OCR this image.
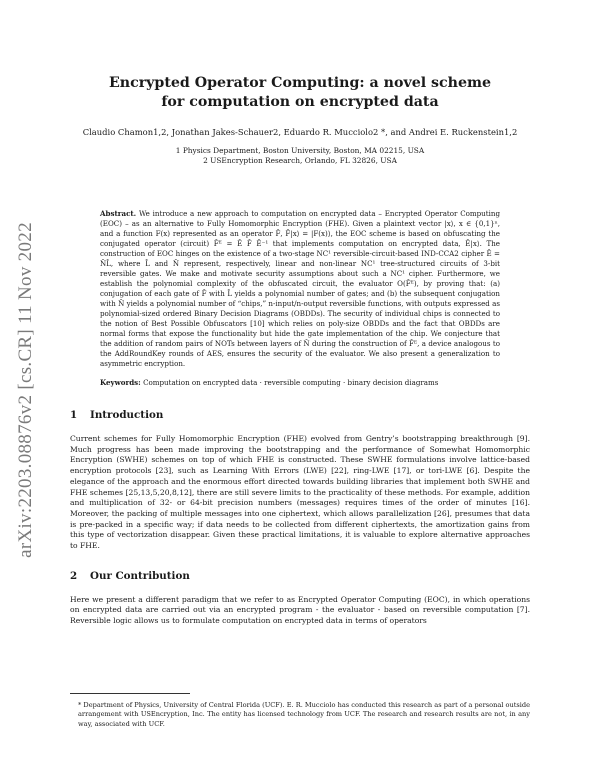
arXiv:2203.08876v2 [cs.CR] 11 Nov 2022
Encrypted Operator Computing: a novel scheme
for computation on encrypted data
Claudio Chamon1,2, Jonathan Jakes-Schauer2, Eduardo R. Mucciolo2 *, and Andrei E. Ruckenstein1,2
1 Physics Department, Boston University, Boston, MA 02215, USA
2 USEncryption Research, Orlando, FL 32826, USA
Abstract. We introduce a new approach to computation on encrypted data – Encrypted Operator Computing (EOC) – as an alternative to Fully Homomorphic Encryption (FHE). Given a plaintext vector |x⟩, x ∈ {0,1}ⁿ, and a function F(x) represented as an operator F̂, F̂|x⟩ = |F(x)⟩, the EOC scheme is based on obfuscating the conjugated operator (circuit) F̂ᴱ = Ê F̂ Ê⁻¹ that implements computation on encrypted data, Ê|x⟩. The construction of EOC hinges on the existence of a two-stage NC¹ reversible-circuit-based IND-CCA2 cipher Ê = N̂L̂, where L̂ and N̂ represent, respectively, linear and non-linear NC¹ tree-structured circuits of 3-bit reversible gates. We make and motivate security assumptions about such a NC¹ cipher. Furthermore, we establish the polynomial complexity of the obfuscated circuit, the evaluator O(F̂ᴱ), by proving that: (a) conjugation of each gate of F̂ with L̂ yields a polynomial number of gates; and (b) the subsequent conjugation with N̂ yields a polynomial number of “chips,” n-input/n-output reversible functions, with outputs expressed as polynomial-sized ordered Binary Decision Diagrams (OBDDs). The security of individual chips is connected to the notion of Best Possible Obfuscators [10] which relies on poly-size OBDDs and the fact that OBDDs are normal forms that expose the functionality but hide the gate implementation of the chip. We conjecture that the addition of random pairs of NOTs between layers of N̂ during the construction of F̂ᴱ, a device analogous to the AddRoundKey rounds of AES, ensures the security of the evaluator. We also present a generalization to asymmetric encryption.
Keywords: Computation on encrypted data · reversible computing · binary decision diagrams
1 Introduction
Current schemes for Fully Homomorphic Encryption (FHE) evolved from Gentry’s bootstrapping breakthrough [9]. Much progress has been made improving the bootstrapping and the performance of Somewhat Homomorphic Encryption (SWHE) schemes on top of which FHE is constructed. These SWHE formulations involve lattice-based encryption protocols [23], such as Learning With Errors (LWE) [22], ring-LWE [17], or tori-LWE [6]. Despite the elegance of the approach and the enormous effort directed towards building libraries that implement both SWHE and FHE schemes [25,13,5,20,8,12], there are still severe limits to the practicality of these methods. For example, addition and multiplication of 32- or 64-bit precision numbers (messages) requires times of the order of minutes [16]. Moreover, the packing of multiple messages into one ciphertext, which allows parallelization [26], presumes that data is pre-packed in a specific way; if data needs to be collected from different ciphertexts, the amortization gains from this type of vectorization disappear. Given these practical limitations, it is valuable to explore alternative approaches to FHE.
2 Our Contribution
Here we present a different paradigm that we refer to as Encrypted Operator Computing (EOC), in which operations on encrypted data are carried out via an encrypted program - the evaluator - based on reversible computation [7]. Reversible logic allows us to formulate computation on encrypted data in terms of operators
* Department of Physics, University of Central Florida (UCF). E. R. Mucciolo has conducted this research as part of a personal outside arrangement with USEncryption, Inc. The entity has licensed technology from UCF. The research and research results are not, in any way, associated with UCF.
